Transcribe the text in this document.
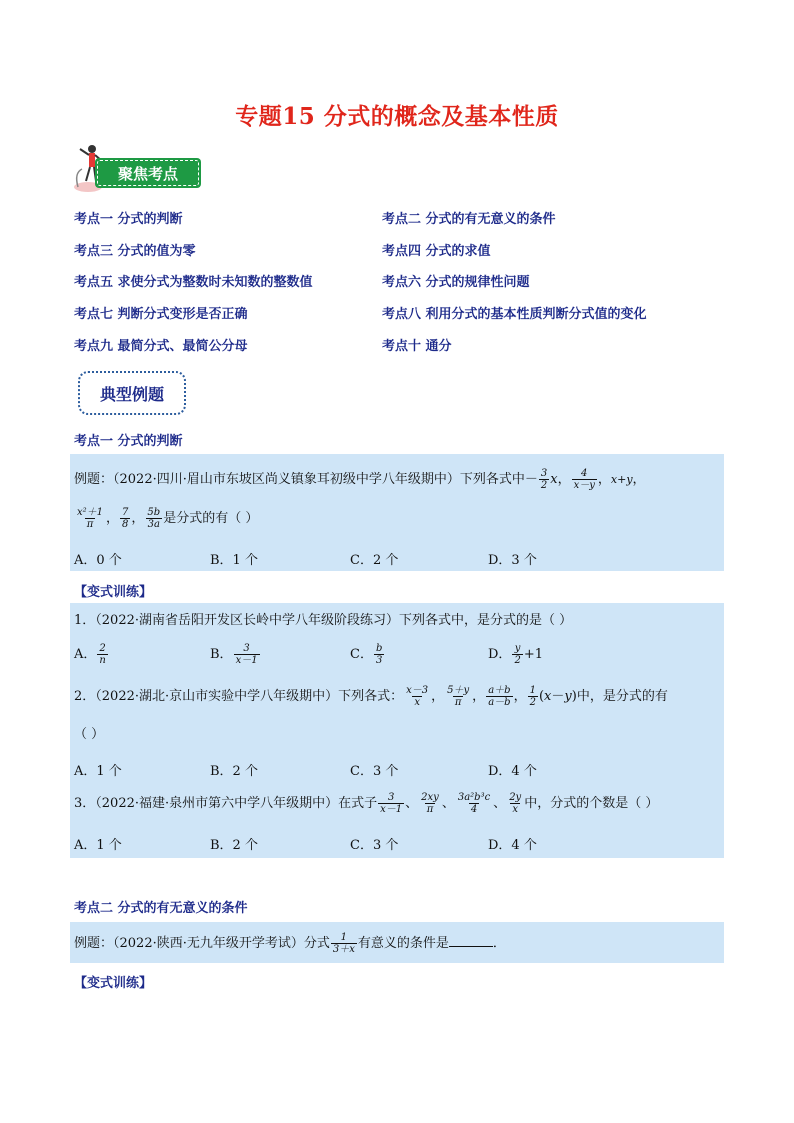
专题15 分式的概念及基本性质
聚焦考点
考点一 分式的判断	考点二 分式的有无意义的条件
考点三 分式的值为零	考点四 分式的求值
考点五 求使分式为整数时未知数的整数值	考点六 分式的规律性问题
考点七 判断分式变形是否正确	考点八 利用分式的基本性质判断分式值的变化
考点九 最简分式、最简公分母	考点十 通分
典型例题
考点一 分式的判断
例题：（2022·四川·眉山市东坡区尚义镇象耳初级中学八年级期中）下列各式中－ $\frac{3}{2}$ x， $\frac{4}{x-y}$ ，x+y，
$\frac{\text{x²＋1}}{\pi}$ ， $\frac{7}{8}$ ， $\frac{5b}{3a}$ 是分式的有（ ）
A．0 个	B．1 个	C．2 个	D．3 个
【变式训练】
1．（2022·湖南省岳阳开发区长岭中学八年级阶段练习）下列各式中，是分式的是（ ）
A． $\frac{2}{n}$	B． $\frac{3}{x-1}$	C． $\frac{b}{3}$	D． $\frac{y}{2} +1$
2．（2022·湖北·京山市实验中学八年级期中）下列各式： $\frac{x-3}{x}$ ， $\frac{5+y}{\pi}$ ， $\frac{a+b}{a-b}$ ， $\frac{1}{2} (x-y)$中，是分式的有
（ ）
A．1 个	B．2 个	C．3 个	D．4 个
3．（2022·福建·泉州市第六中学八年级期中）在式子 $\frac{3}{x-1}$ 、 $\frac{2xy}{\pi}$ 、 $\frac{\text{3a²b³c}}{4}$ 、 $\frac{2y}{x}$ 中，分式的个数是（ ）
A．1 个	B．2 个	C．3 个	D．4 个
考点二 分式的有无意义的条件
例题：（2022·陕西·无九年级开学考试）分式 $\frac{1}{3+x}$ 有意义的条件是	．
【变式训练】
